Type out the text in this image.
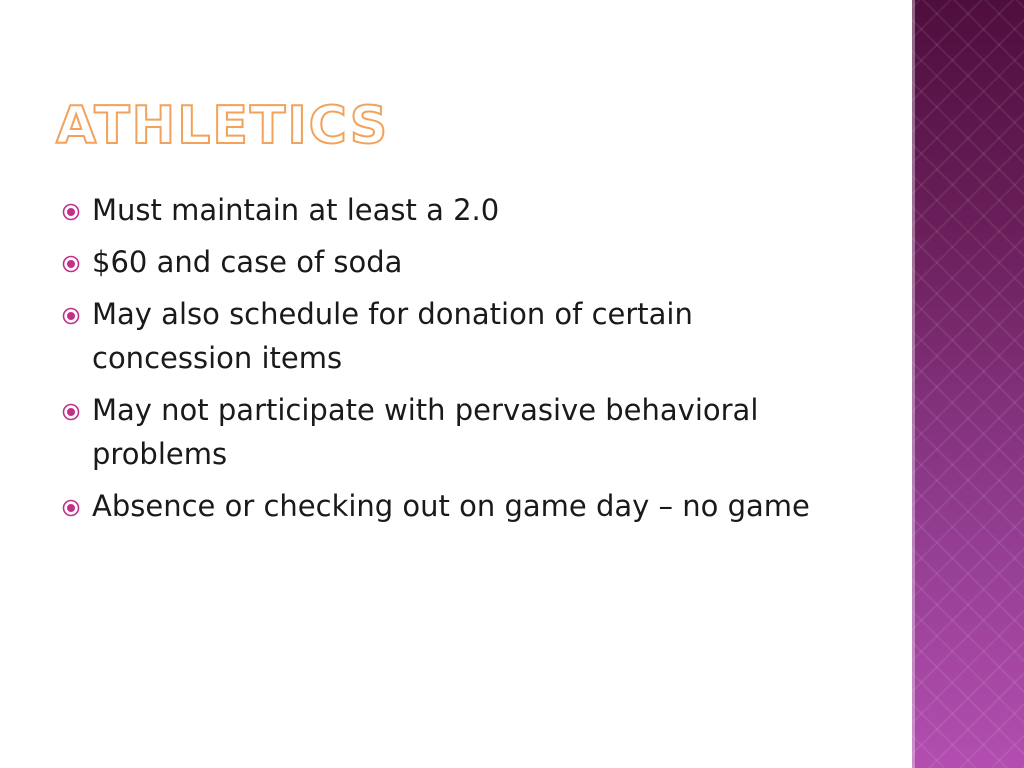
ATHLETICS
Must maintain at least a 2.0
$60 and case of soda
May also schedule for donation of certain concession items
May not participate with pervasive behavioral problems
Absence or checking out on game day – no game
